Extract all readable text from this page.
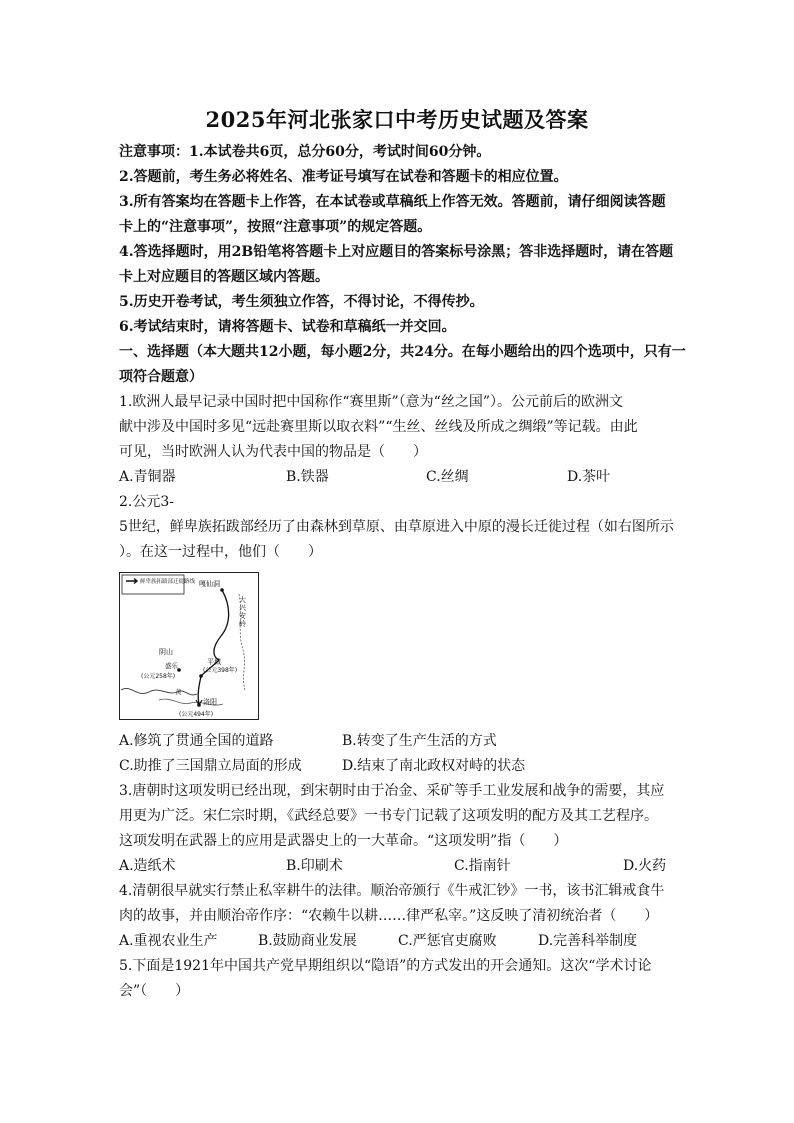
2025年河北张家口中考历史试题及答案
注意事项：1.本试卷共6页，总分60分，考试时间60分钟。
2.答题前，考生务必将姓名、准考证号填写在试卷和答题卡的相应位置。
3.所有答案均在答题卡上作答，在本试卷或草稿纸上作答无效。答题前，请仔细阅读答题
卡上的“注意事项”，按照“注意事项”的规定答题。
4.答选择题时，用2B铅笔将答题卡上对应题目的答案标号涂黑；答非选择题时，请在答题
卡上对应题目的答题区域内答题。
5.历史开卷考试，考生须独立作答，不得讨论，不得传抄。
6.考试结束时，请将答题卡、试卷和草稿纸一并交回。
一、选择题（本大题共12小题，每小题2分，共24分。在每小题给出的四个选项中，只有一
项符合题意）
1.欧洲人最早记录中国时把中国称作“赛里斯”（意为“丝之国”）。公元前后的欧洲文
献中涉及中国时多见“远赴赛里斯以取衣料”“生丝、丝线及所成之绸缎”等记载。由此
可见，当时欧洲人认为代表中国的物品是（　　）
A.青铜器	B.铁器	C.丝绸	D.茶叶
2.公元3-
5世纪，鲜卑族拓跋部经历了由森林到草原、由草原进入中原的漫长迁徙过程（如右图所示
）。在这一过程中，他们（　　）
鲜卑族拓跋部迁徙路线 嘎仙洞
大兴安岭
阴山
盛乐
(公元258年)
平城
(公元398年)
洛阳
(公元494年)
黄
A.修筑了贯通全国的道路	B.转变了生产生活的方式
C.助推了三国鼎立局面的形成	D.结束了南北政权对峙的状态
3.唐朝时这项发明已经出现，到宋朝时由于冶金、采矿等手工业发展和战争的需要，其应
用更为广泛。宋仁宗时期，《武经总要》一书专门记载了这项发明的配方及其工艺程序。
这项发明在武器上的应用是武器史上的一大革命。“这项发明”指（　　）
A.造纸术	B.印刷术	C.指南针	D.火药
4.清朝很早就实行禁止私宰耕牛的法律。顺治帝颁行《牛戒汇钞》一书，该书汇辑戒食牛
肉的故事，并由顺治帝作序：“农赖牛以耕……律严私宰。”这反映了清初统治者（　　）
A.重视农业生产	B.鼓励商业发展	C.严惩官吏腐败	D.完善科举制度
5.下面是1921年中国共产党早期组织以“隐语”的方式发出的开会通知。这次“学术讨论
会”（　　）
